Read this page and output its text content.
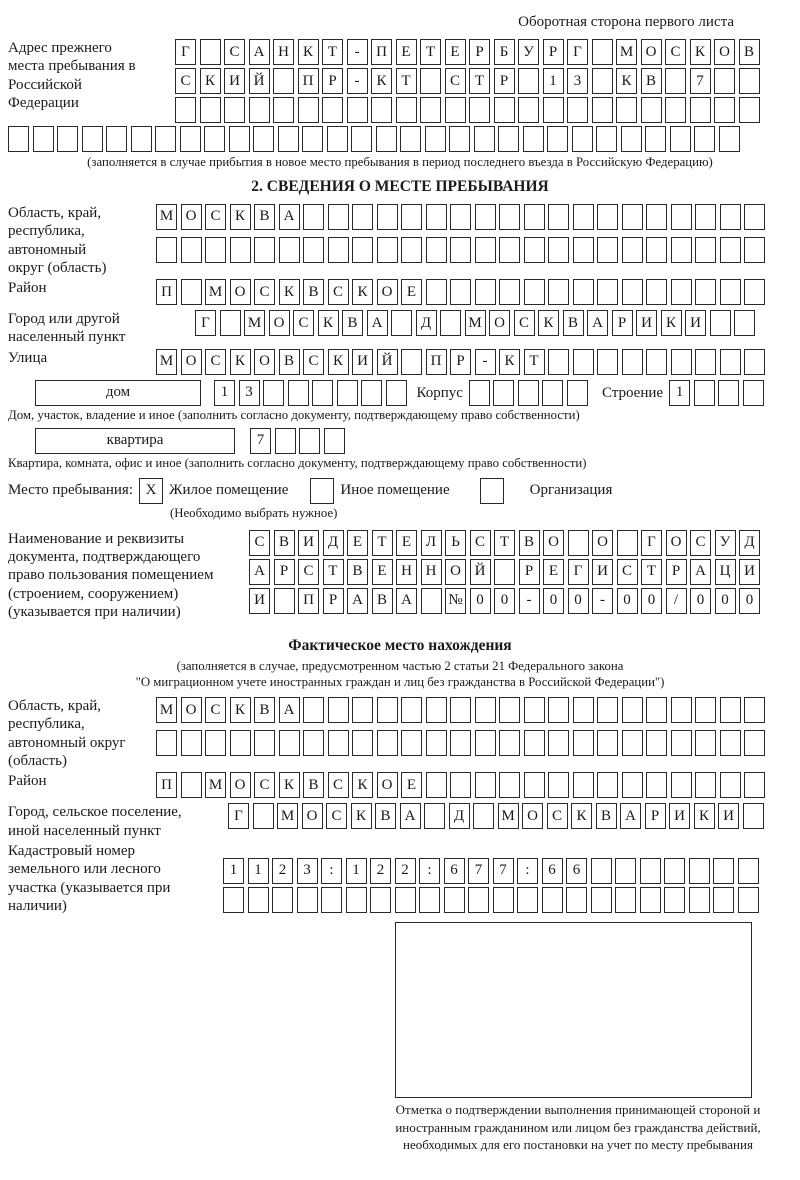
Оборотная сторона первого листа
Адрес прежнего места пребывания в Российской Федерации
Г	С А Н К Т	-	П Е	Т	Е	Р	Б У	Р	Г	М О С К О В
С К И Й	П Р	-	К Т	С Т	Р	1	3	К В	7
(заполняется в случае прибытия в новое место пребывания в период последнего въезда в Российскую Федерацию)
2. СВЕДЕНИЯ О МЕСТЕ ПРЕБЫВАНИЯ
Область, край, республика, автономный округ (область)
М О С К В А
Район	П	М О С К В С К О Е
Город или другой населенный пункт
Г	М О С К В А	Д	М О С К В А Р И К И
Улица	М О С К О В С К И Й	П Р	-	К Т
дом	1	3	Корпус	Строение 1
Дом, участок, владение и иное (заполнить согласно документу, подтверждающему право собственности)
квартира	7
Квартира, комната, офис и иное (заполнить согласно документу, подтверждающему право собственности)
Место пребывания: X Жилое помещение	Иное помещение	Организация
(Необходимо выбрать нужное)
Наименование и реквизиты документа, подтверждающего право пользования помещением (строением, сооружением) (указывается при наличии)
С В И Д Е	Т	Е Л	Ь	С Т В О	О	Г О С У Д
А Р	С Т В Е Н Н О Й	Р	Е	Г И С Т	Р А Ц И
И	П Р А В А	№ 0	0	-	0	0	-	0	0	/	0	0	0
Фактическое место нахождения
(заполняется в случае, предусмотренном частью 2 статьи 21 Федерального закона
"О миграционном учете иностранных граждан и лиц без гражданства в Российской Федерации")
Область, край, республика, автономный округ (область)
М О С К В А
Район	П	М О С К В С К О Е
Город, сельское поселение, иной населенный пункт
Г	М О С К В А	Д	М О С К В А Р И К И
Кадастровый номер земельного или лесного участка (указывается при наличии)
1	1	2	3	:	1	2	2	:	6	7	7	:	6	6
Отметка о подтверждении выполнения принимающей стороной и иностранным гражданином или лицом без гражданства действий, необходимых для его постановки на учет по месту пребывания
